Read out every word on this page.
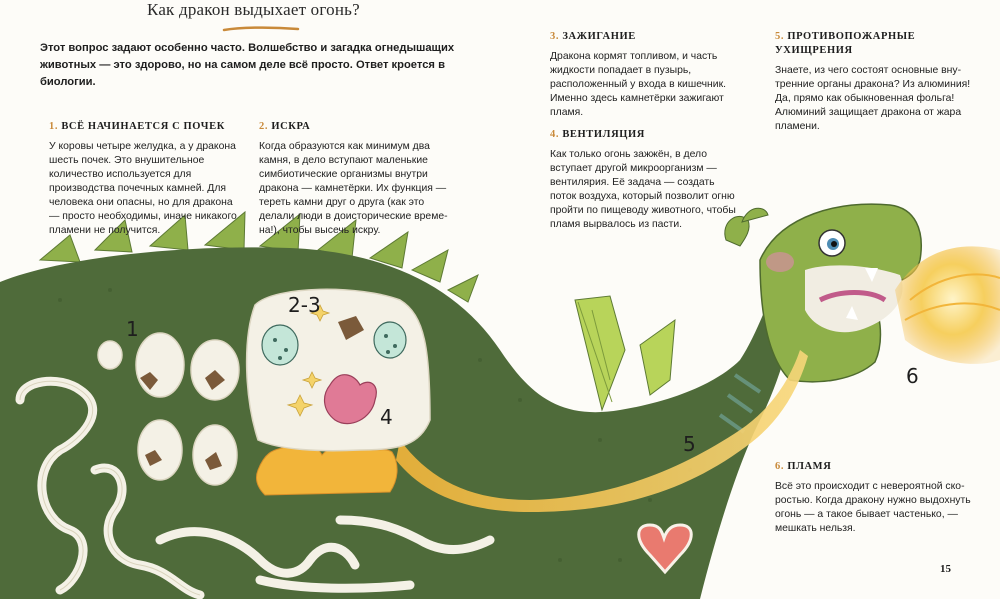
1
2-3
4
5
6
Как дракон выдыхает огонь?
Этот вопрос задают особенно часто. Волшебство и загадка огнедышащих животных — это здорово, но на самом деле всё просто. Ответ кроется в биологии.
1. ВСЁ НАЧИНАЕТСЯ С ПОЧЕК

У коровы четыре желудка, а у дракона шесть почек. Это внушительное количество используется для производства почечных камней. Для человека они опасны, но для дракона — просто необходимы, иначе никакого пламени не получится.

2. ИСКРА

Когда образуются как минимум два камня, в дело вступают маленькие симбиотические организмы внутри дракона — камнетёрки. Их функция — тереть камни друг о друга (как это делали люди в доисторические времена!), чтобы высечь искру.

3. ЗАЖИГАНИЕ

Дракона кормят топливом, и часть жидкости попадает в пузырь, расположенный у входа в кишечник. Именно здесь камнетёрки зажигают пламя.

4. ВЕНТИЛЯЦИЯ

Как только огонь зажжён, в дело вступает другой микроорганизм — вентилярия. Её задача — создать поток воздуха, который позволит огню пройти по пищеводу животного, чтобы пламя вырвалось из пасти.

5. ПРОТИВОПОЖАРНЫЕ УХИЩРЕНИЯ

Знаете, из чего состоят основные внутренние органы дракона? Из алюминия! Да, прямо как обыкновенная фольга! Алюминий защищает дракона от жара пламени.

6. ПЛАМЯ

Всё это происходит с невероятной скоростью. Когда дракону нужно выдохнуть огонь — а такое бывает частенько, — мешкать нельзя.

15
